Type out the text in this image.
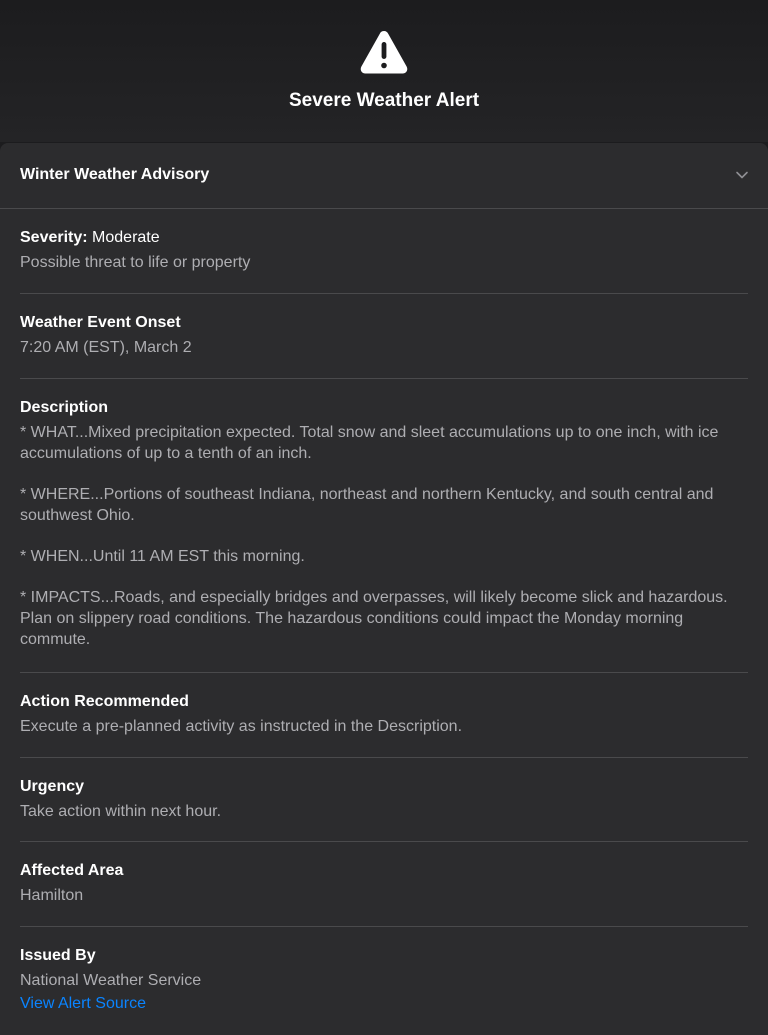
Severe Weather Alert
Winter Weather Advisory
Severity: Moderate
Possible threat to life or property
Weather Event Onset
7:20 AM (EST), March 2
Description

* WHAT...Mixed precipitation expected. Total snow and sleet accumulations up to one inch, with ice accumulations of up to a tenth of an inch.

* WHERE...Portions of southeast Indiana, northeast and northern Kentucky, and south central and southwest Ohio.

* WHEN...Until 11 AM EST this morning.

* IMPACTS...Roads, and especially bridges and overpasses, will likely become slick and hazardous. Plan on slippery road conditions. The hazardous conditions could impact the Monday morning commute.

Action Recommended
Execute a pre-planned activity as instructed in the Description.
Urgency
Take action within next hour.
Affected Area
Hamilton
Issued By
National Weather Service
View Alert Source
